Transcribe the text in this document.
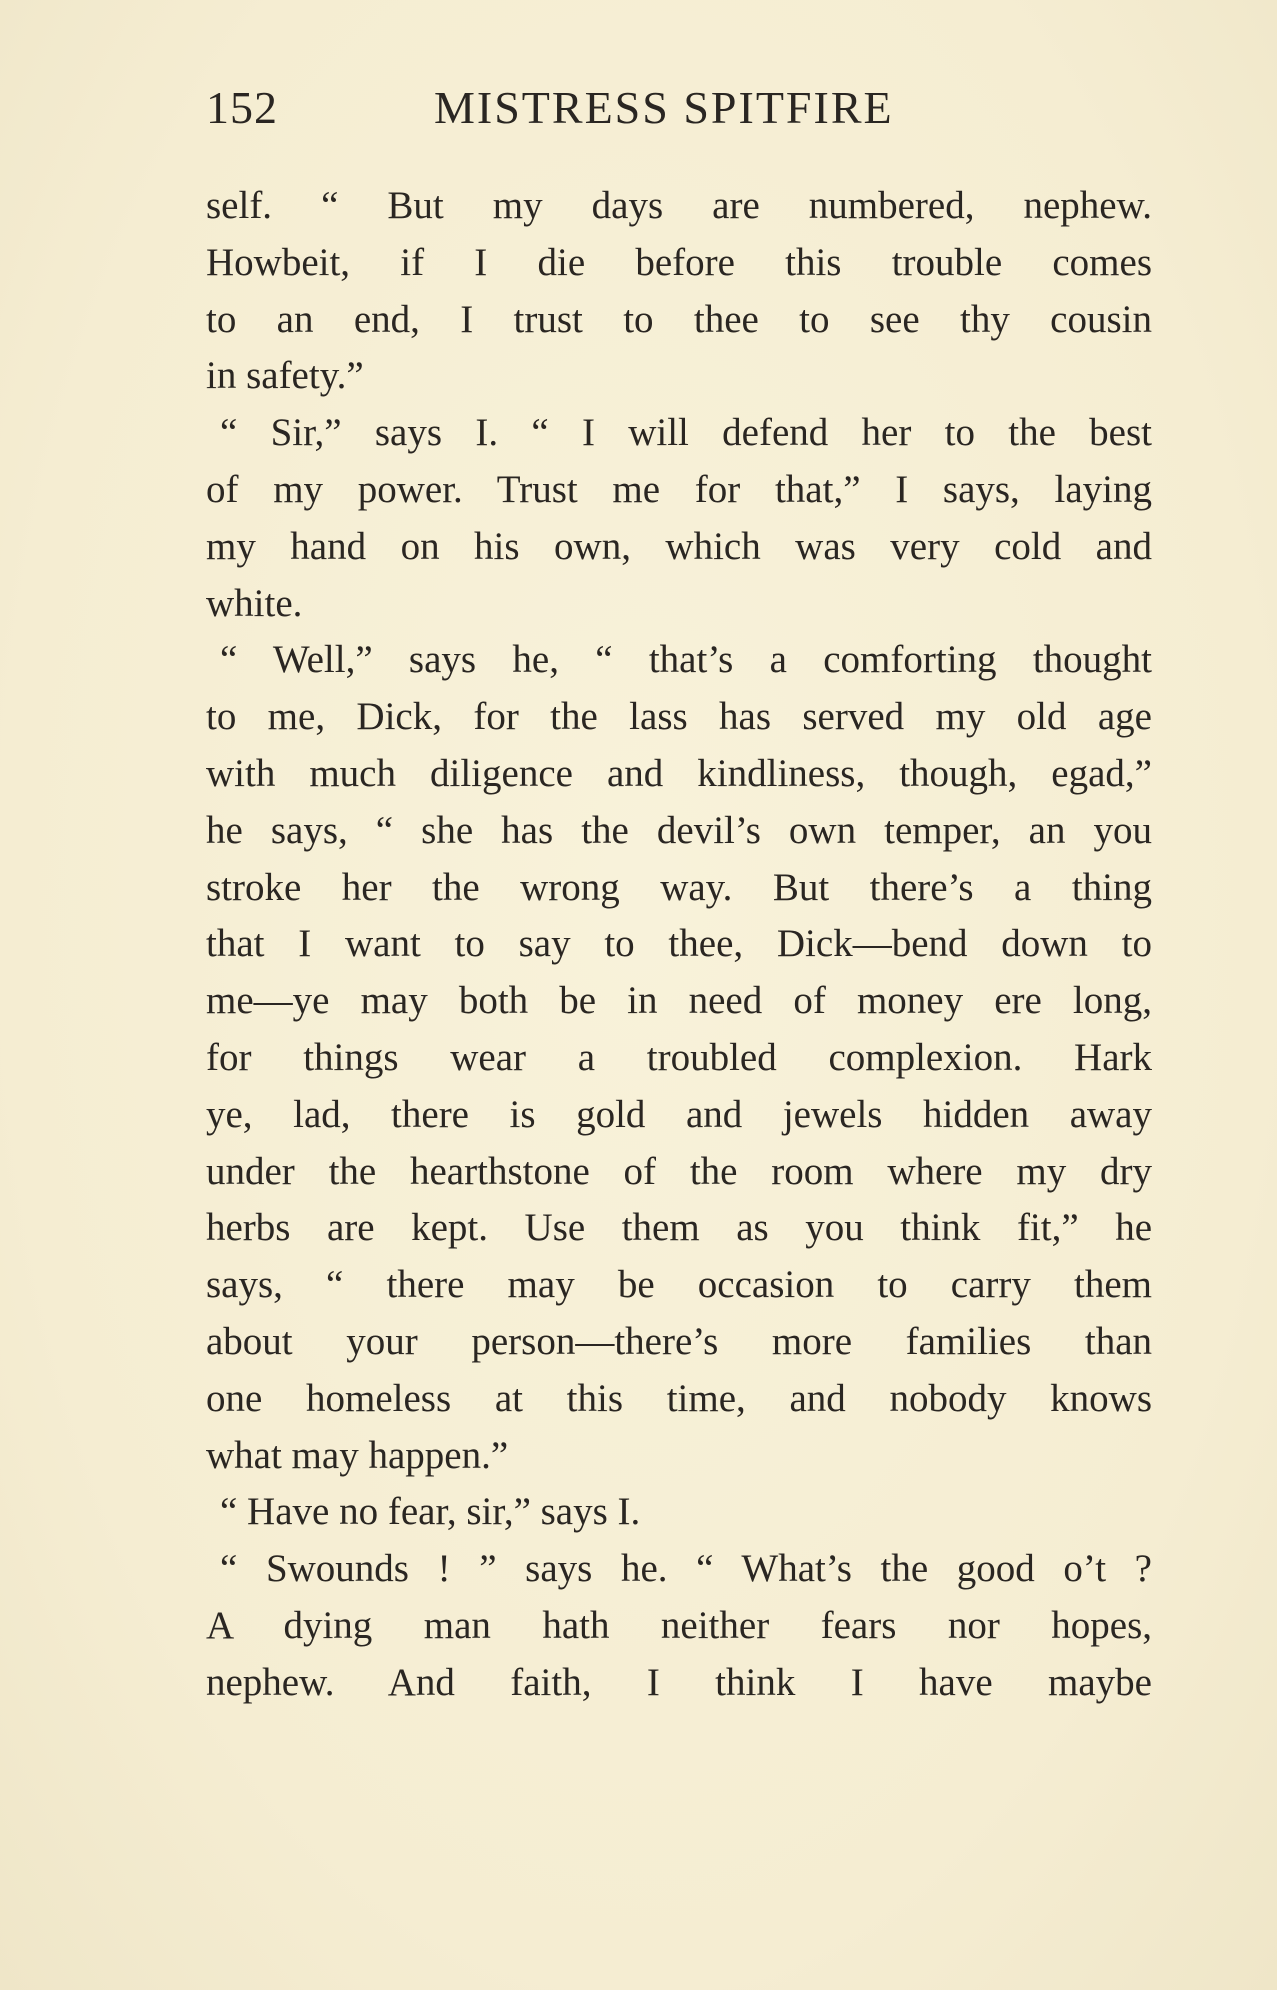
152	MISTRESS SPITFIRE
self. “ But my days are numbered, nephew.
Howbeit, if I die before this trouble comes
to an end, I trust to thee to see thy cousin
in safety.”
“ Sir,” says I. “ I will defend her to the best
of my power. Trust me for that,” I says, laying
my hand on his own, which was very cold and
white.
“ Well,” says he, “ that’s a comforting thought
to me, Dick, for the lass has served my old age
with much diligence and kindliness, though, egad,”
he says, “ she has the devil’s own temper, an you
stroke her the wrong way. But there’s a thing
that I want to say to thee, Dick—bend down to
me—ye may both be in need of money ere long,
for things wear a troubled complexion. Hark
ye, lad, there is gold and jewels hidden away
under the hearthstone of the room where my dry
herbs are kept. Use them as you think fit,” he
says, “ there may be occasion to carry them
about your person—there’s more families than
one homeless at this time, and nobody knows
what may happen.”
“ Have no fear, sir,” says I.
“ Swounds ! ” says he. “ What’s the good o’t ?
A dying man hath neither fears nor hopes,
nephew. And faith, I think I have maybe
